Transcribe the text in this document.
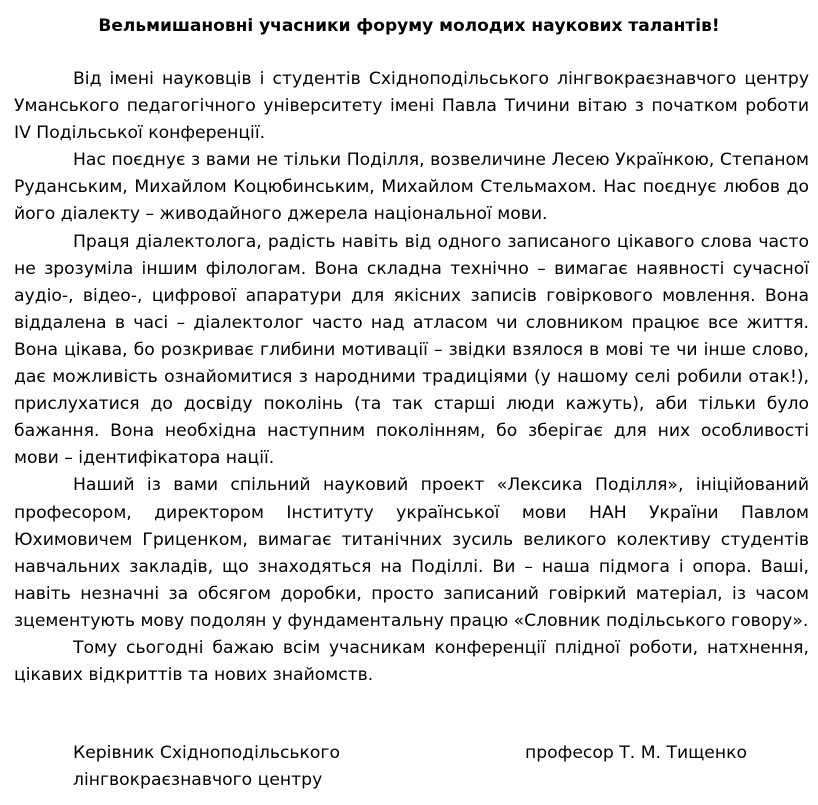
Вельмишановні учасники форуму молодих наукових талантів!

Від імені науковців і студентів Східноподільського лінгвокраєзнавчого центру Уманського педагогічного університету імені Павла Тичини вітаю з початком роботи ІV Подільської конференції.

Нас поєднує з вами не тільки Поділля, возвеличине Лесею Українкою, Степаном Руданським, Михайлом Коцюбинським, Михайлом Стельмахом. Нас поєднує любов до його діалекту – живодайного джерела національної мови.

Праця діалектолога, радість навіть від одного записаного цікавого слова часто не зрозуміла іншим філологам. Вона складна технічно – вимагає наявності сучасної аудіо-, відео-, цифрової апаратури для якісних записів говіркового мовлення. Вона віддалена в часі – діалектолог часто над атласом чи словником працює все життя. Вона цікава, бо розкриває глибини мотивації – звідки взялося в мові те чи інше слово, дає можливість ознайомитися з народними традиціями (у нашому селі робили отак!), прислухатися до досвіду поколінь (та так старші люди кажуть), аби тільки було бажання. Вона необхідна наступним поколінням, бо зберігає для них особливості мови – ідентифікатора нації.

Наший із вами спільний науковий проект «Лексика Поділля», ініційований професором, директором Інституту української мови НАН України Павлом Юхимовичем Гриценком, вимагає титанічних зусиль великого колективу студентів навчальних закладів, що знаходяться на Поділлі. Ви – наша підмога і опора. Ваші, навіть незначні за обсягом доробки, просто записаний говіркий матеріал, із часом зцементують мову подолян у фундаментальну працю «Словник подільського говору».

Тому сьогодні бажаю всім учасникам конференції плідної роботи, натхнення, цікавих відкриттів та нових знайомств.

Керівник Східноподільського
лінгвокраєзнавчого центру
професор Т. М. Тищенко
